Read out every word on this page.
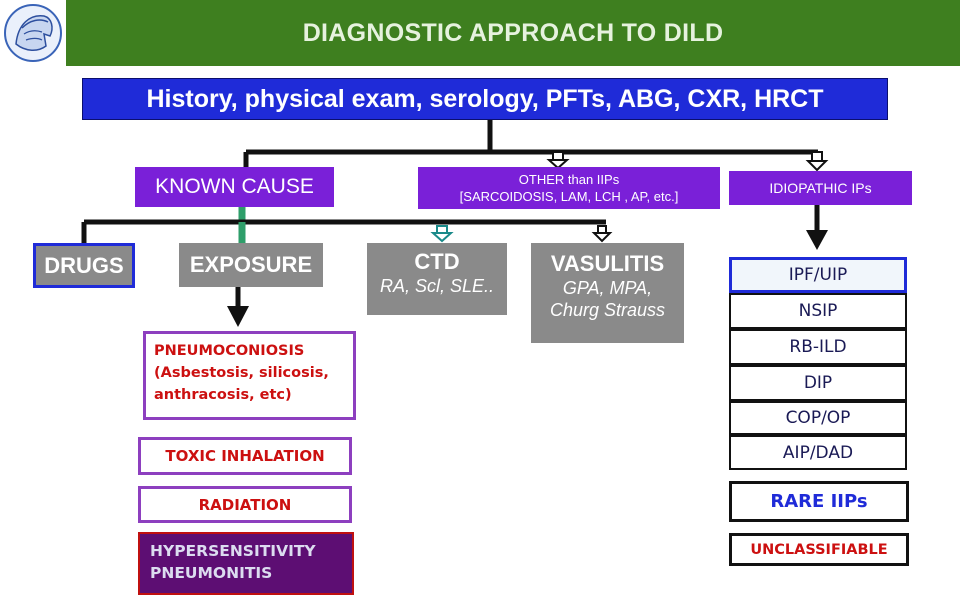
DIAGNOSTIC APPROACH TO DILD
History, physical exam, serology, PFTs, ABG, CXR, HRCT
KNOWN CAUSE	OTHER than IIPs
[SARCOIDOSIS, LAM, LCH , AP, etc.]
IDIOPATHIC IPs
DRUGS	EXPOSURE	CTD
RA, Scl, SLE..
VASULITIS
GPA, MPA,
Churg Strauss
PNEUMOCONIOSIS
(Asbestosis, silicosis,
anthracosis, etc)
TOXIC INHALATION
RADIATION
HYPERSENSITIVITY
PNEUMONITIS
IPF/UIP
NSIP
RB-ILD
DIP
COP/OP
AIP/DAD
RARE IIPs
UNCLASSIFIABLE
